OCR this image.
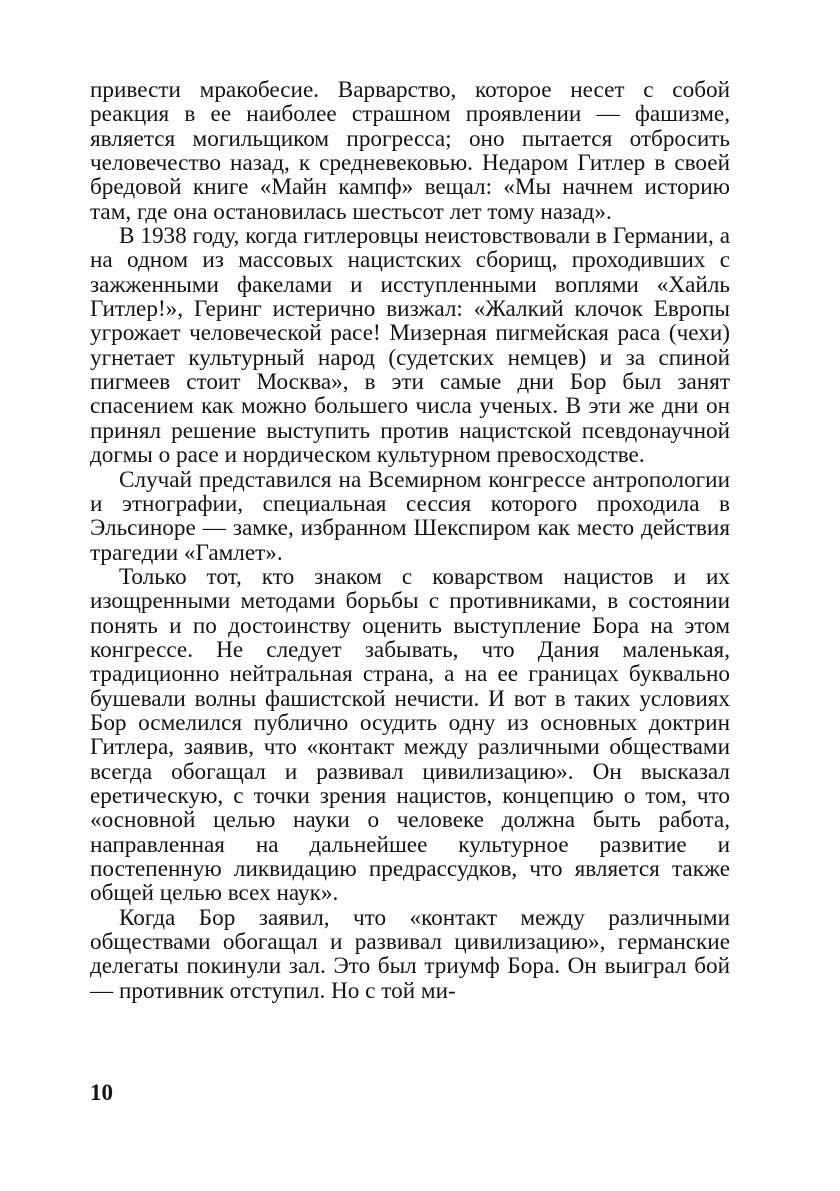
привести мракобесие. Варварство, которое несет с собой реакция в ее наиболее страшном проявлении — фашизме, является могильщиком прогресса; оно пытается отбросить человечество назад, к средневековью. Недаром Гитлер в своей бредовой книге «Майн кампф» вещал: «Мы начнем историю там, где она остановилась шестьсот лет тому назад».

В 1938 году, когда гитлеровцы неистовствовали в Германии, а на одном из массовых нацистских сборищ, проходивших с зажженными факелами и исступленными воплями «Хайль Гитлер!», Геринг истерично визжал: «Жалкий клочок Европы угрожает человеческой расе! Мизерная пигмейская раса (чехи) угнетает культурный народ (судетских немцев) и за спиной пигмеев стоит Москва», в эти самые дни Бор был занят спасением как можно большего числа ученых. В эти же дни он принял решение выступить против нацистской псевдонаучной догмы о расе и нордическом культурном превосходстве.

Случай представился на Всемирном конгрессе антропологии и этнографии, специальная сессия которого проходила в Эльсиноре — замке, избранном Шекспиром как место действия трагедии «Гамлет».

Только тот, кто знаком с коварством нацистов и их изощренными методами борьбы с противниками, в состоянии понять и по достоинству оценить выступление Бора на этом конгрессе. Не следует забывать, что Дания маленькая, традиционно нейтральная страна, а на ее границах буквально бушевали волны фашистской нечисти. И вот в таких условиях Бор осмелился публично осудить одну из основных доктрин Гитлера, заявив, что «контакт между различными обществами всегда обогащал и развивал цивилизацию». Он высказал еретическую, с точки зрения нацистов, концепцию о том, что «основной целью науки о человеке должна быть работа, направленная на дальнейшее культурное развитие и постепенную ликвидацию предрассудков, что является также общей целью всех наук».

Когда Бор заявил, что «контакт между различными обществами обогащал и развивал цивилизацию», германские делегаты покинули зал. Это был триумф Бора. Он выиграл бой — противник отступил. Но с той ми-

10
